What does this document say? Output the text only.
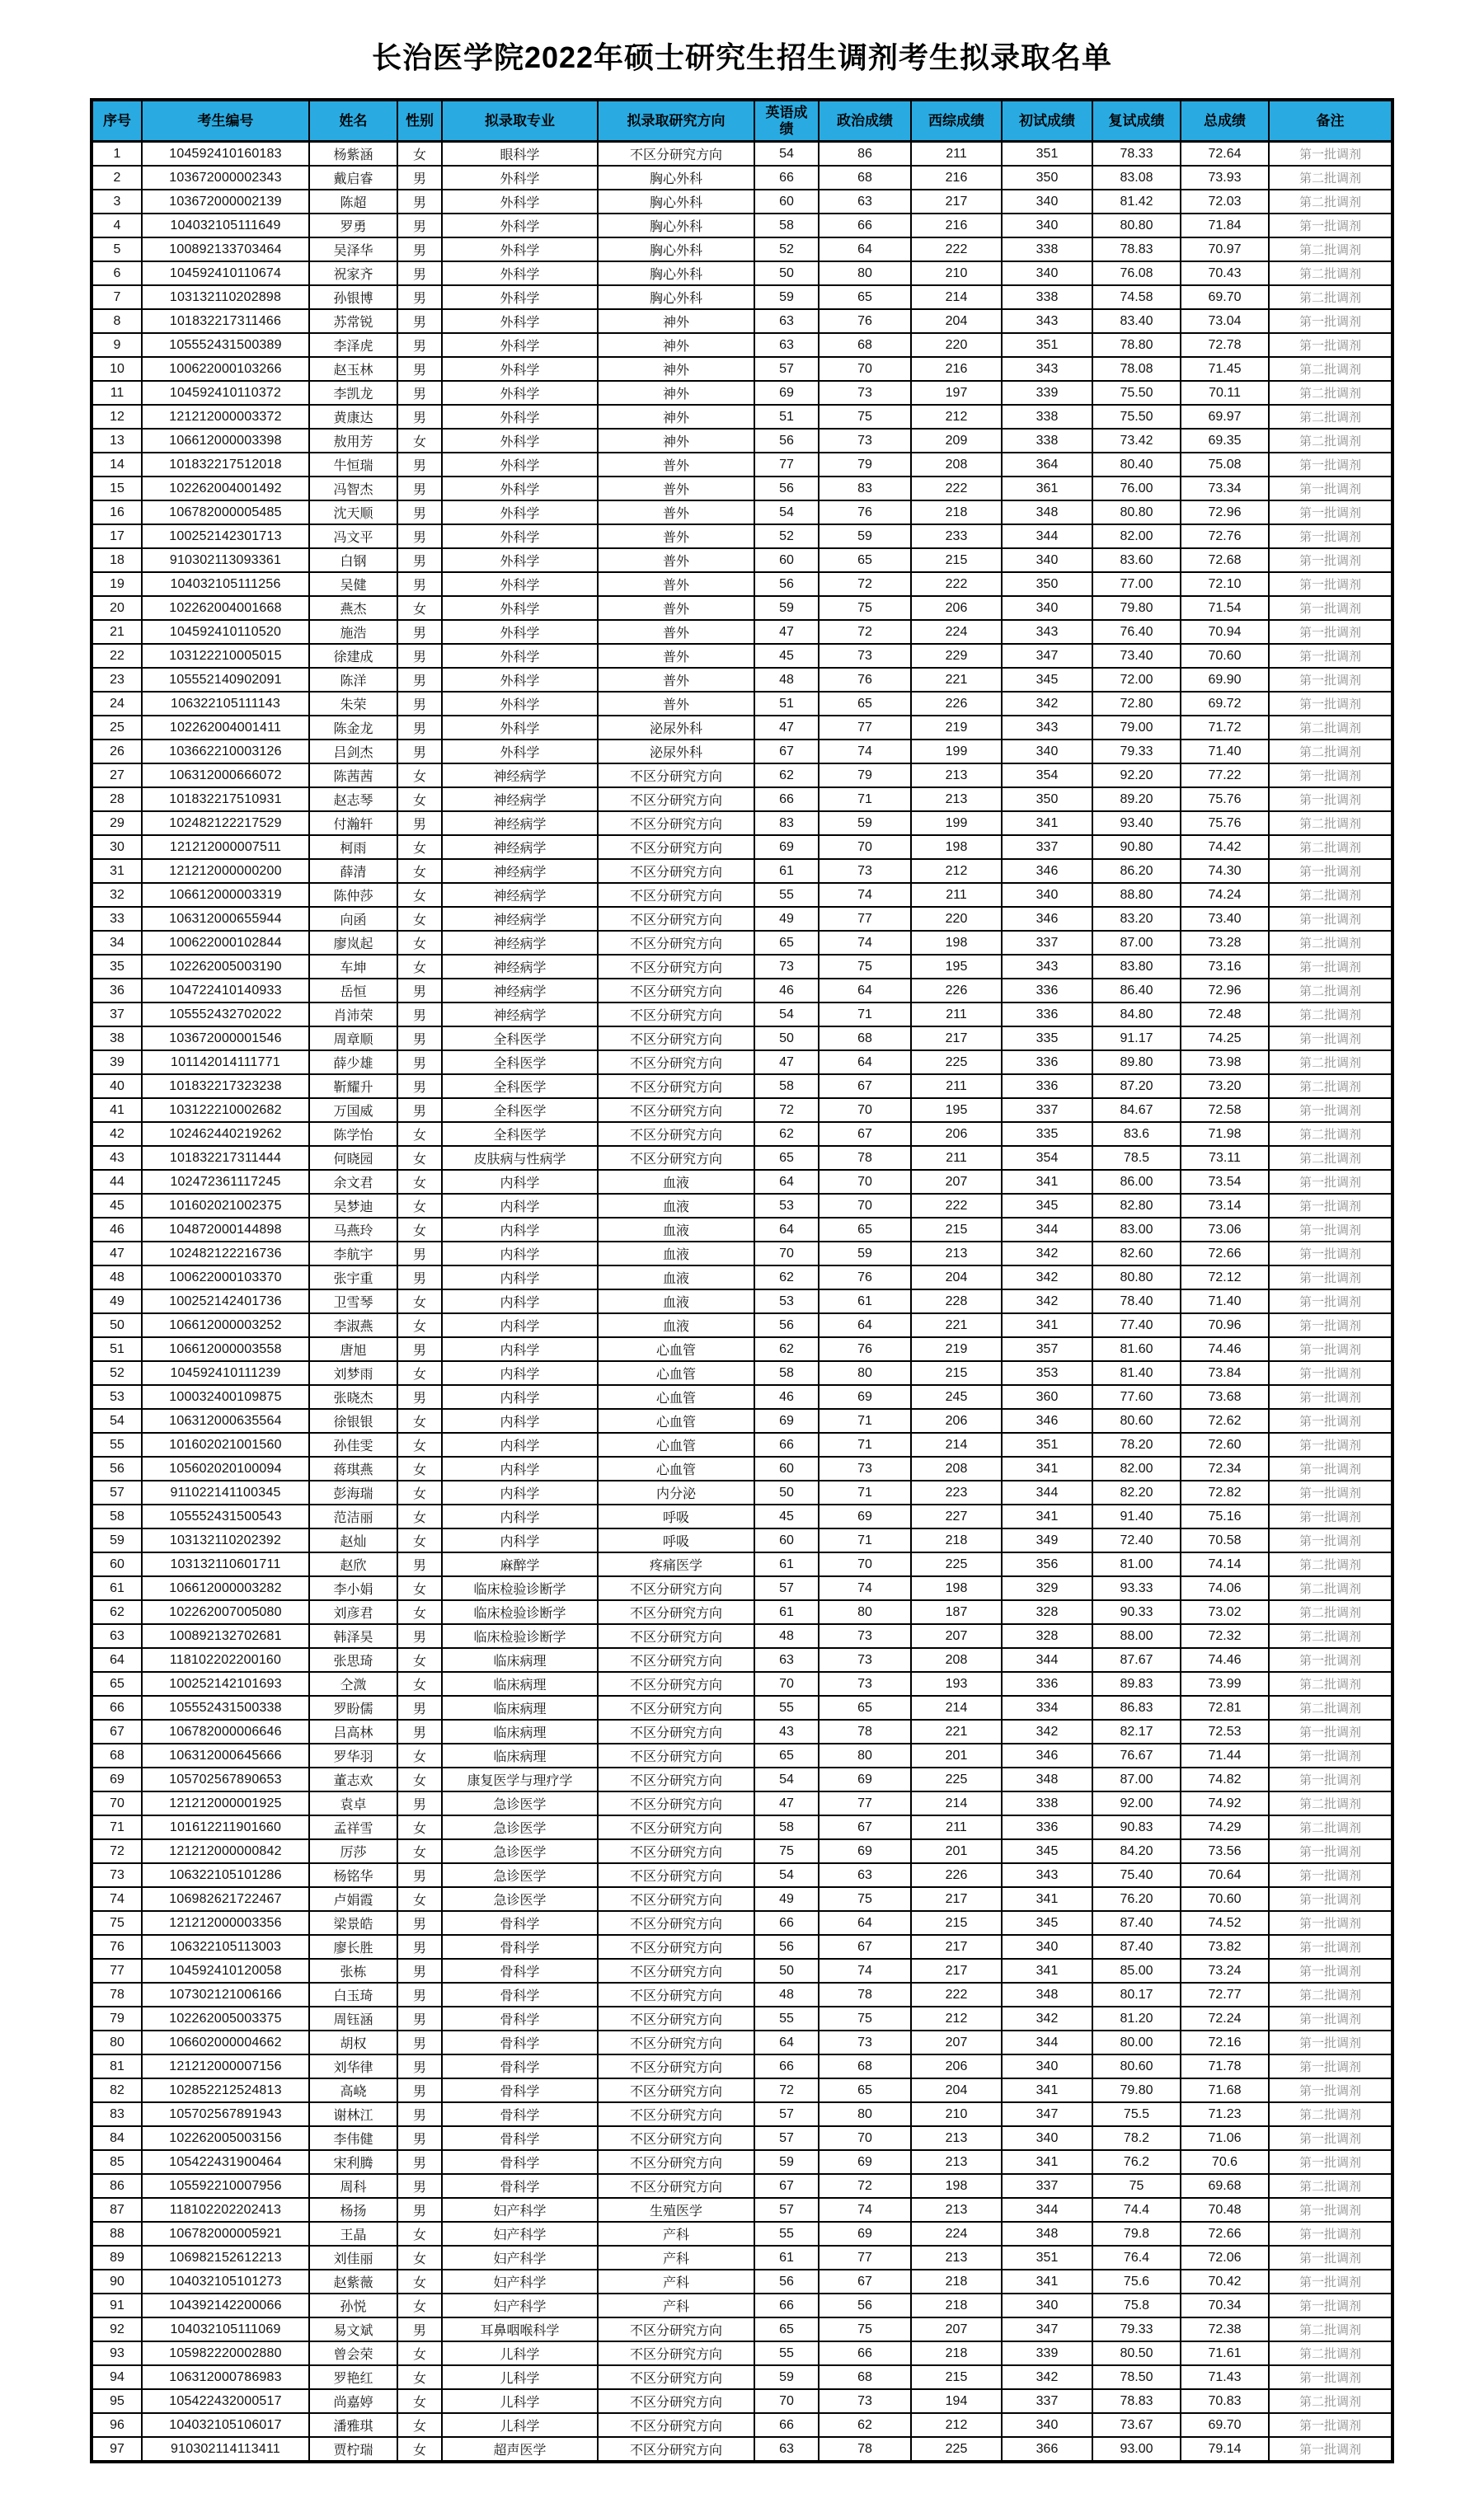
长治医学院2022年硕士研究生招生调剂考生拟录取名单
序号	考生编号	姓名	性别	拟录取专业	拟录取研究方向	英语成绩	政治成绩	西综成绩	初试成绩	复试成绩	总成绩	备注
1	104592410160183	杨紫涵	女	眼科学	不区分研究方向	54	86	211	351	78.33	72.64	第一批调剂
2	103672000002343	戴启睿	男	外科学	胸心外科	66	68	216	350	83.08	73.93	第二批调剂
3	103672000002139	陈超	男	外科学	胸心外科	60	63	217	340	81.42	72.03	第二批调剂
4	104032105111649	罗勇	男	外科学	胸心外科	58	66	216	340	80.80	71.84	第一批调剂
5	100892133703464	吴泽华	男	外科学	胸心外科	52	64	222	338	78.83	70.97	第二批调剂
6	104592410110674	祝家齐	男	外科学	胸心外科	50	80	210	340	76.08	70.43	第二批调剂
7	103132110202898	孙银博	男	外科学	胸心外科	59	65	214	338	74.58	69.70	第二批调剂
8	101832217311466	苏常锐	男	外科学	神外	63	76	204	343	83.40	73.04	第一批调剂
9	105552431500389	李泽虎	男	外科学	神外	63	68	220	351	78.80	72.78	第一批调剂
10	100622000103266	赵玉林	男	外科学	神外	57	70	216	343	78.08	71.45	第二批调剂
11	104592410110372	李凯龙	男	外科学	神外	69	73	197	339	75.50	70.11	第二批调剂
12	121212000003372	黄康达	男	外科学	神外	51	75	212	338	75.50	69.97	第二批调剂
13	106612000003398	敖用芳	女	外科学	神外	56	73	209	338	73.42	69.35	第二批调剂
14	101832217512018	牛恒瑞	男	外科学	普外	77	79	208	364	80.40	75.08	第一批调剂
15	102262004001492	冯智杰	男	外科学	普外	56	83	222	361	76.00	73.34	第一批调剂
16	106782000005485	沈天顺	男	外科学	普外	54	76	218	348	80.80	72.96	第一批调剂
17	100252142301713	冯文平	男	外科学	普外	52	59	233	344	82.00	72.76	第一批调剂
18	910302113093361	白钢	男	外科学	普外	60	65	215	340	83.60	72.68	第一批调剂
19	104032105111256	吴健	男	外科学	普外	56	72	222	350	77.00	72.10	第一批调剂
20	102262004001668	燕杰	女	外科学	普外	59	75	206	340	79.80	71.54	第一批调剂
21	104592410110520	施浩	男	外科学	普外	47	72	224	343	76.40	70.94	第一批调剂
22	103122210005015	徐建成	男	外科学	普外	45	73	229	347	73.40	70.60	第一批调剂
23	105552140902091	陈洋	男	外科学	普外	48	76	221	345	72.00	69.90	第一批调剂
24	106322105111143	朱荣	男	外科学	普外	51	65	226	342	72.80	69.72	第一批调剂
25	102262004001411	陈金龙	男	外科学	泌尿外科	47	77	219	343	79.00	71.72	第二批调剂
26	103662210003126	吕剑杰	男	外科学	泌尿外科	67	74	199	340	79.33	71.40	第二批调剂
27	106312000666072	陈茜茜	女	神经病学	不区分研究方向	62	79	213	354	92.20	77.22	第一批调剂
28	101832217510931	赵志琴	女	神经病学	不区分研究方向	66	71	213	350	89.20	75.76	第一批调剂
29	102482122217529	付瀚轩	男	神经病学	不区分研究方向	83	59	199	341	93.40	75.76	第二批调剂
30	121212000007511	柯雨	女	神经病学	不区分研究方向	69	70	198	337	90.80	74.42	第二批调剂
31	121212000000200	薛清	女	神经病学	不区分研究方向	61	73	212	346	86.20	74.30	第一批调剂
32	106612000003319	陈仲莎	女	神经病学	不区分研究方向	55	74	211	340	88.80	74.24	第二批调剂
33	106312000655944	向函	女	神经病学	不区分研究方向	49	77	220	346	83.20	73.40	第一批调剂
34	100622000102844	廖岚起	女	神经病学	不区分研究方向	65	74	198	337	87.00	73.28	第二批调剂
35	102262005003190	车坤	女	神经病学	不区分研究方向	73	75	195	343	83.80	73.16	第一批调剂
36	104722410140933	岳恒	男	神经病学	不区分研究方向	46	64	226	336	86.40	72.96	第二批调剂
37	105552432702022	肖沛荣	男	神经病学	不区分研究方向	54	71	211	336	84.80	72.48	第二批调剂
38	103672000001546	周章顺	男	全科医学	不区分研究方向	50	68	217	335	91.17	74.25	第一批调剂
39	101142014111771	薛少雄	男	全科医学	不区分研究方向	47	64	225	336	89.80	73.98	第二批调剂
40	101832217323238	靳耀升	男	全科医学	不区分研究方向	58	67	211	336	87.20	73.20	第二批调剂
41	103122210002682	万国威	男	全科医学	不区分研究方向	72	70	195	337	84.67	72.58	第一批调剂
42	102462440219262	陈学怡	女	全科医学	不区分研究方向	62	67	206	335	83.6	71.98	第二批调剂
43	101832217311444	何晓园	女	皮肤病与性病学	不区分研究方向	65	78	211	354	78.5	73.11	第二批调剂
44	102472361117245	余文君	女	内科学	血液	64	70	207	341	86.00	73.54	第一批调剂
45	101602021002375	吴梦迪	女	内科学	血液	53	70	222	345	82.80	73.14	第一批调剂
46	104872000144898	马燕玲	女	内科学	血液	64	65	215	344	83.00	73.06	第一批调剂
47	102482122216736	李航宇	男	内科学	血液	70	59	213	342	82.60	72.66	第一批调剂
48	100622000103370	张宇重	男	内科学	血液	62	76	204	342	80.80	72.12	第一批调剂
49	100252142401736	卫雪琴	女	内科学	血液	53	61	228	342	78.40	71.40	第一批调剂
50	106612000003252	李淑燕	女	内科学	血液	56	64	221	341	77.40	70.96	第一批调剂
51	106612000003558	唐旭	男	内科学	心血管	62	76	219	357	81.60	74.46	第一批调剂
52	104592410111239	刘梦雨	女	内科学	心血管	58	80	215	353	81.40	73.84	第一批调剂
53	100032400109875	张晓杰	男	内科学	心血管	46	69	245	360	77.60	73.68	第一批调剂
54	106312000635564	徐银银	女	内科学	心血管	69	71	206	346	80.60	72.62	第一批调剂
55	101602021001560	孙佳雯	女	内科学	心血管	66	71	214	351	78.20	72.60	第一批调剂
56	105602020100094	蒋琪燕	女	内科学	心血管	60	73	208	341	82.00	72.34	第一批调剂
57	911022141100345	彭海瑞	女	内科学	内分泌	50	71	223	344	82.20	72.82	第一批调剂
58	105552431500543	范洁丽	女	内科学	呼吸	45	69	227	341	91.40	75.16	第一批调剂
59	103132110202392	赵灿	女	内科学	呼吸	60	71	218	349	72.40	70.58	第一批调剂
60	103132110601711	赵欣	男	麻醉学	疼痛医学	61	70	225	356	81.00	74.14	第二批调剂
61	106612000003282	李小娟	女	临床检验诊断学	不区分研究方向	57	74	198	329	93.33	74.06	第二批调剂
62	102262007005080	刘彦君	女	临床检验诊断学	不区分研究方向	61	80	187	328	90.33	73.02	第二批调剂
63	100892132702681	韩泽昊	男	临床检验诊断学	不区分研究方向	48	73	207	328	88.00	72.32	第二批调剂
64	118102202200160	张思琦	女	临床病理	不区分研究方向	63	73	208	344	87.67	74.46	第一批调剂
65	100252142101693	仝溦	女	临床病理	不区分研究方向	70	73	193	336	89.83	73.99	第二批调剂
66	105552431500338	罗盼儒	男	临床病理	不区分研究方向	55	65	214	334	86.83	72.81	第二批调剂
67	106782000006646	吕高林	男	临床病理	不区分研究方向	43	78	221	342	82.17	72.53	第一批调剂
68	106312000645666	罗华羽	女	临床病理	不区分研究方向	65	80	201	346	76.67	71.44	第一批调剂
69	105702567890653	董志欢	女	康复医学与理疗学	不区分研究方向	54	69	225	348	87.00	74.82	第一批调剂
70	121212000001925	袁卓	男	急诊医学	不区分研究方向	47	77	214	338	92.00	74.92	第二批调剂
71	101612211901660	孟祥雪	女	急诊医学	不区分研究方向	58	67	211	336	90.83	74.29	第二批调剂
72	121212000000842	厉莎	女	急诊医学	不区分研究方向	75	69	201	345	84.20	73.56	第一批调剂
73	106322105101286	杨铭华	男	急诊医学	不区分研究方向	54	63	226	343	75.40	70.64	第一批调剂
74	106982621722467	卢娟霞	女	急诊医学	不区分研究方向	49	75	217	341	76.20	70.60	第一批调剂
75	121212000003356	梁景皓	男	骨科学	不区分研究方向	66	64	215	345	87.40	74.52	第一批调剂
76	106322105113003	廖长胜	男	骨科学	不区分研究方向	56	67	217	340	87.40	73.82	第一批调剂
77	104592410120058	张栋	男	骨科学	不区分研究方向	50	74	217	341	85.00	73.24	第一批调剂
78	107302121006166	白玉琦	男	骨科学	不区分研究方向	48	78	222	348	80.17	72.77	第二批调剂
79	102262005003375	周钰涵	男	骨科学	不区分研究方向	55	75	212	342	81.20	72.24	第一批调剂
80	106602000004662	胡权	男	骨科学	不区分研究方向	64	73	207	344	80.00	72.16	第一批调剂
81	121212000007156	刘华律	男	骨科学	不区分研究方向	66	68	206	340	80.60	71.78	第一批调剂
82	102852212524813	高峣	男	骨科学	不区分研究方向	72	65	204	341	79.80	71.68	第一批调剂
83	105702567891943	谢林江	男	骨科学	不区分研究方向	57	80	210	347	75.5	71.23	第二批调剂
84	102262005003156	李伟健	男	骨科学	不区分研究方向	57	70	213	340	78.2	71.06	第一批调剂
85	105422431900464	宋利腾	男	骨科学	不区分研究方向	59	69	213	341	76.2	70.6	第一批调剂
86	105592210007956	周科	男	骨科学	不区分研究方向	67	72	198	337	75	69.68	第二批调剂
87	118102202202413	杨扬	男	妇产科学	生殖医学	57	74	213	344	74.4	70.48	第一批调剂
88	106782000005921	王晶	女	妇产科学	产科	55	69	224	348	79.8	72.66	第一批调剂
89	106982152612213	刘佳丽	女	妇产科学	产科	61	77	213	351	76.4	72.06	第一批调剂
90	104032105101273	赵紫薇	女	妇产科学	产科	56	67	218	341	75.6	70.42	第一批调剂
91	104392142200066	孙悦	女	妇产科学	产科	66	56	218	340	75.8	70.34	第一批调剂
92	104032105111069	易文斌	男	耳鼻咽喉科学	不区分研究方向	65	75	207	347	79.33	72.38	第二批调剂
93	105982220002880	曾会荣	女	儿科学	不区分研究方向	55	66	218	339	80.50	71.61	第二批调剂
94	106312000786983	罗艳红	女	儿科学	不区分研究方向	59	68	215	342	78.50	71.43	第一批调剂
95	105422432000517	尚嘉婷	女	儿科学	不区分研究方向	70	73	194	337	78.83	70.83	第二批调剂
96	104032105106017	潘雅琪	女	儿科学	不区分研究方向	66	62	212	340	73.67	69.70	第一批调剂
97	910302114113411	贾柠瑞	女	超声医学	不区分研究方向	63	78	225	366	93.00	79.14	第一批调剂
